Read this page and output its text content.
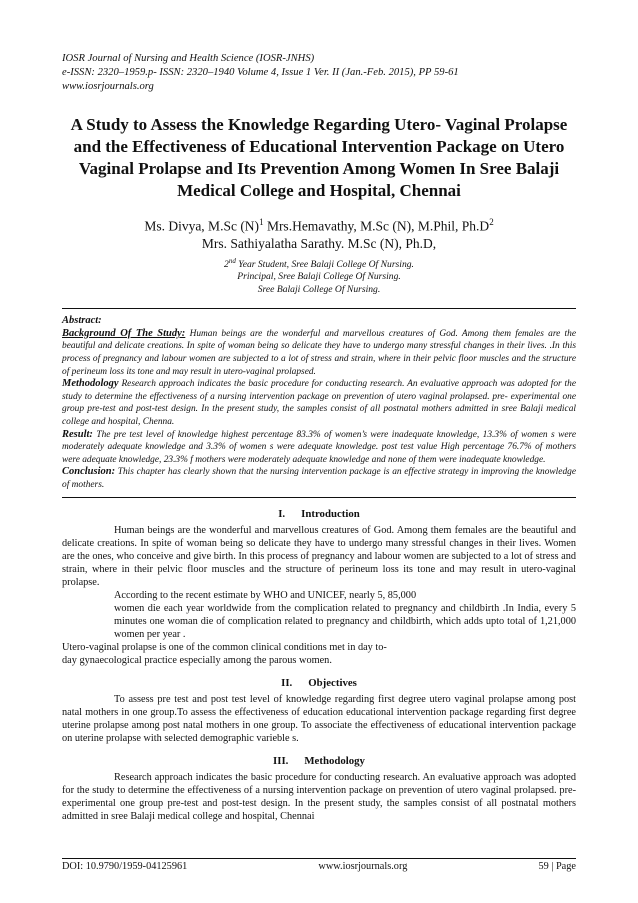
IOSR Journal of Nursing and Health Science (IOSR-JNHS)
e-ISSN: 2320–1959.p- ISSN: 2320–1940 Volume 4, Issue 1 Ver. II (Jan.-Feb. 2015), PP 59-61
www.iosrjournals.org
A Study to Assess the Knowledge Regarding Utero- Vaginal Prolapse and the Effectiveness of Educational Intervention Package on Utero Vaginal Prolapse and Its Prevention Among Women In Sree Balaji Medical College and Hospital, Chennai
Ms. Divya, M.Sc $(N)^1$ Mrs.Hemavathy, M.Sc (N), M.Phil, $Ph.D^2$
Mrs. Sathiyalatha Sarathy. M.Sc (N), Ph.D,
2nd Year Student, Sree Balaji College Of Nursing.
Principal, Sree Balaji College Of Nursing.
Sree Balaji College Of Nursing.

Abstract:

Background Of The Study: Human beings are the wonderful and marvellous creatures of God. Among them females are the beautiful and delicate creations. In spite of woman being so delicate they have to undergo many stressful changes in their lives. .In this process of pregnancy and labour women are subjected to a lot of stress and strain, where in their pelvic floor muscles and the structure of perineum loss its tone and may result in utero-vaginal prolapsed.

Methodology Research approach indicates the basic procedure for conducting research. An evaluative approach was adopted for the study to determine the effectiveness of a nursing intervention package on prevention of utero vaginal prolapsed. pre- experimental one group pre-test and post-test design. In the present study, the samples consist of all postnatal mothers admitted in sree Balaji medical college and hospital, Chenna.

Result: The pre test level of knowledge highest percentage 83.3% of women’s were inadequate knowledge, 13.3% of women s were moderately adequate knowledge and 3.3% of women s were adequate knowledge. post test value High percentage 76.7% of mothers were adequate knowledge, 23.3% f mothers were moderately adequate knowledge and none of them were inadequate knowledge.

Conclusion: This chapter has clearly shown that the nursing intervention package is an effective strategy in improving the knowledge of mothers.

I. Introduction

Human beings are the wonderful and marvellous creatures of God. Among them females are the beautiful and delicate creations. In spite of woman being so delicate they have to undergo many stressful changes in their lives. Women are the ones, who conceive and give birth. In this process of pregnancy and labour women are subjected to a lot of stress and strain, where in their pelvic floor muscles and the structure of perineum loss its tone and may result in utero-vaginal prolapse.

According to the recent estimate by WHO and UNICEF, nearly 5, 85,000

women die each year worldwide from the complication related to pregnancy and childbirth .In India, every 5 minutes one woman die of complication related to pregnancy and childbirth, which adds upto total of 1,21,000 women per year .

Utero-vaginal prolapse is one of the common clinical conditions met in day to-

day gynaecological practice especially among the parous women.

II. Objectives

To assess pre test and post test level of knowledge regarding first degree utero vaginal prolapse among post natal mothers in one group.To assess the effectiveness of education educational intervention package regarding first degree uterine prolapse among post natal mothers in one group. To associate the effectiveness of educational intervention package on uterine prolapse with selected demographic varieble s.

III. Methodology

Research approach indicates the basic procedure for conducting research. An evaluative approach was adopted for the study to determine the effectiveness of a nursing intervention package on prevention of utero vaginal prolapsed. pre- experimental one group pre-test and post-test design. In the present study, the samples consist of all postnatal mothers admitted in sree Balaji medical college and hospital, Chennai

DOI: 10.9790/1959-04125961	www.iosrjournals.org	59 | Page
